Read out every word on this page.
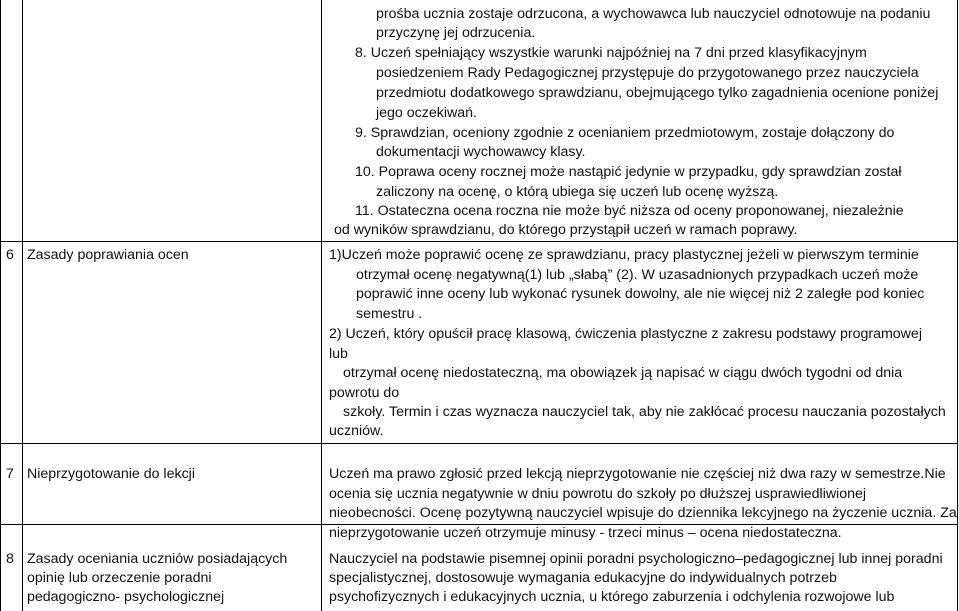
prośba ucznia zostaje odrzucona, a wychowawca lub nauczyciel odnotowuje na podaniu
przyczynę jej odrzucenia.
8. Uczeń spełniający wszystkie warunki najpóźniej na 7 dni przed klasyfikacyjnym
posiedzeniem Rady Pedagogicznej przystępuje do przygotowanego przez nauczyciela
przedmiotu dodatkowego sprawdzianu, obejmującego tylko zagadnienia ocenione poniżej
jego oczekiwań.
9. Sprawdzian, oceniony zgodnie z ocenianiem przedmiotowym, zostaje dołączony do
dokumentacji wychowawcy klasy.
10. Poprawa oceny rocznej może nastąpić jedynie w przypadku, gdy sprawdzian został
zaliczony na ocenę, o którą ubiega się uczeń lub ocenę wyższą.
11. Ostateczna ocena roczna nie może być niższa od oceny proponowanej, niezależnie
od wyników sprawdzianu, do którego przystąpił uczeń w ramach poprawy.
6 Zasady poprawiania ocen	1)Uczeń może poprawić ocenę ze sprawdzianu, pracy plastycznej jeżeli w pierwszym terminie
otrzymał ocenę negatywną(1) lub „słabą” (2). W uzasadnionych przypadkach uczeń może
poprawić inne oceny lub wykonać rysunek dowolny, ale nie więcej niż 2 zaległe pod koniec
semestru .
2) Uczeń, który opuścił pracę klasową, ćwiczenia plastyczne z zakresu podstawy programowej
lub
otrzymał ocenę niedostateczną, ma obowiązek ją napisać w ciągu dwóch tygodni od dnia
powrotu do
szkoły. Termin i czas wyznacza nauczyciel tak, aby nie zakłócać procesu nauczania pozostałych
uczniów.
7 Nieprzygotowanie do lekcji	Uczeń ma prawo zgłosić przed lekcją nieprzygotowanie nie częściej niż dwa razy w semestrze.Nie
ocenia się ucznia negatywnie w dniu powrotu do szkoły po dłuższej usprawiedliwionej
nieobecności. Ocenę pozytywną nauczyciel wpisuje do dziennika lekcyjnego na życzenie ucznia. Za
nieprzygotowanie uczeń otrzymuje minusy - trzeci minus – ocena niedostateczna.
8 Zasady oceniania uczniów posiadających
opinię lub orzeczenie poradni
pedagogiczno- psychologicznej
Nauczyciel na podstawie pisemnej opinii poradni psychologiczno–pedagogicznej lub innej poradni
specjalistycznej, dostosowuje wymagania edukacyjne do indywidualnych potrzeb
psychofizycznych i edukacyjnych ucznia, u którego zaburzenia i odchylenia rozwojowe lub
